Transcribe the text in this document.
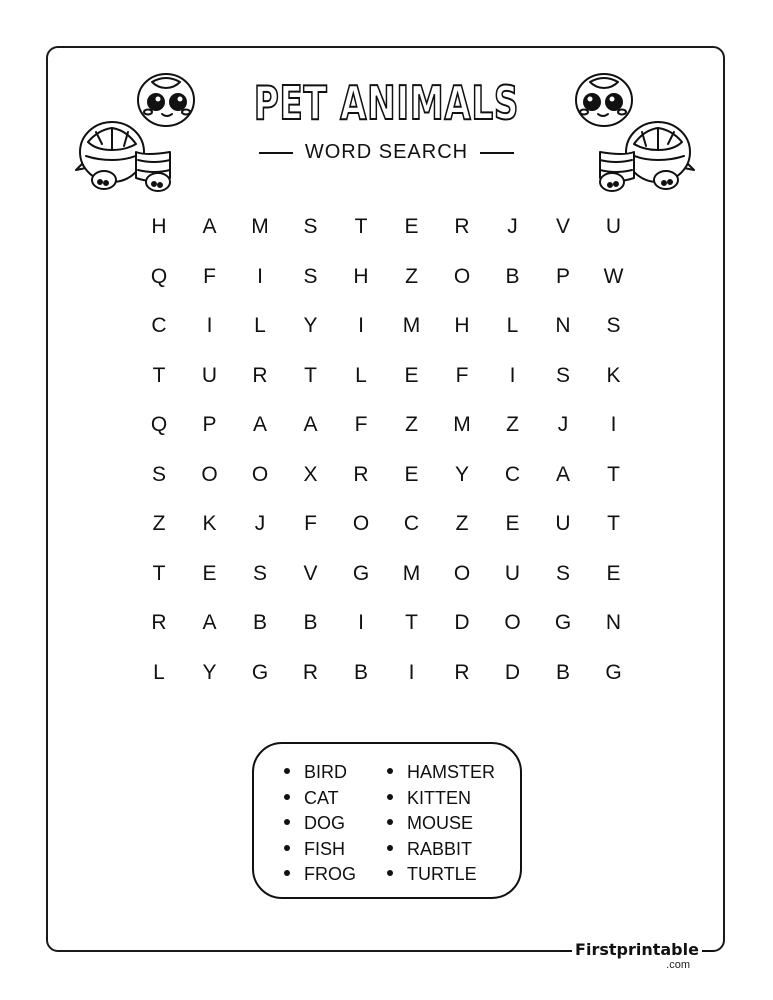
PET ANIMALS
WORD SEARCH
H	A	M	S	T	E	R	J	V	U
Q	F	I	S	H	Z	O	B	P	W
C	I	L	Y	I	M	H	L	N	S
T	U	R	T	L	E	F	I	S	K
Q	P	A	A	F	Z	M	Z	J	I
S	O	O	X	R	E	Y	C	A	T
Z	K	J	F	O	C	Z	E	U	T
T	E	S	V	G	M	O	U	S	E
R	A	B	B	I	T	D	O	G	N
L	Y	G	R	B	I	R	D	B	G
BIRD
CAT
DOG
FISH
FROG
HAMSTER
KITTEN
MOUSE
RABBIT
TURTLE
Firstprintable
.com
